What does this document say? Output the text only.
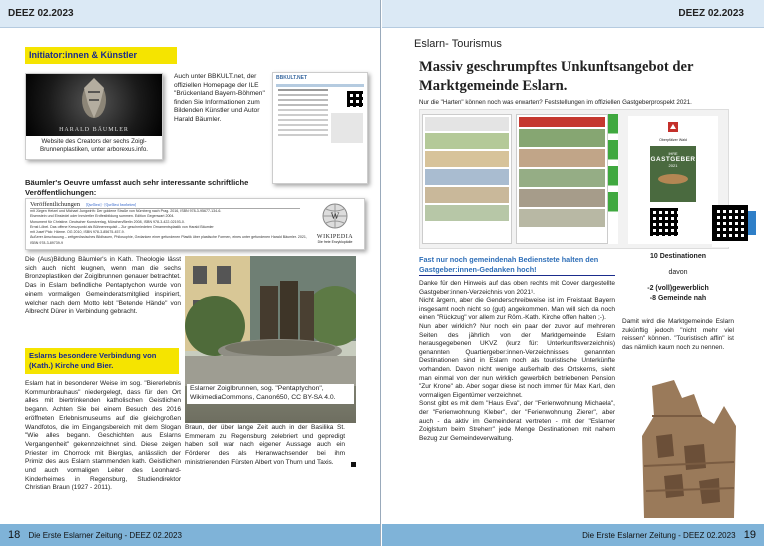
DEEZ 02.2023
Initiator:innen & Künstler
HARALD BÄUMLER
Website des Creators der sechs Zoigl-Brunnenplastiken, unter arborexus.info.
Auch unter BBKULT.net, der offiziellen Homepage der ILE "Brückenland Bayern-Böhmen" finden Sie Informationen zum Bildenden Künstler und Autor Harald Bäumler.
BBKULT.NET
Bäumler's Oeuvre umfasst auch sehr interessante schriftliche Veröffentlichungen:
Veröffentlichungen [Quelltext] · [Quelltext bearbeiten]
mit Jürgen Hetzel und Michael Jungwirth: Der goldene Straße von Nürnberg nach Prag. 2016, ISBN 978-3-95677-134-6.
Eisenstein und Einsiedel oder Innviertler Erdfestbildung summen. Edition Gegenwart 2004.
Monument für Christine. Deutscher Kunstverlag, München/Berlin 2008, ISBN 978-3-422-02193-0.
Ernst Löbel. Das offene Kreuzpunkt als Bühnenrequisit – Zur geschmiedeten Ornamentsplastik von Harald Bäumler
mit Jusef Pick: Härme. OG 2010, ISBN 978-3-85675-457-9.
Äußerer Anschauung – zeitgenössisches Bildhauen, Philosophie, Gedanken einer gefundenen Plastik über plastische Formen, eines unter gefundenen Harald Bäumler. 2021, ISBN 978-3-89739-9
W
WIKIPEDIA
Die freie Enzyklopädie
Die (Aus)Bildung Bäumler's in Kath. Theologie lässt sich auch nicht leugnen, wenn man die sechs Bronzeplastiken der Zoiglbrunnen genauer betrachtet. Das in Eslarn befindliche Pentaptychon wurde von einem vormaligen Gemeinderatsmitglied inspiriert, welcher nach dem Motto lebt "Betende Hände" von Albrecht Dürer in Verbindung gebracht.
Eslarner Zoiglbrunnen, sog. "Pentaptychon", WikimediaCommons, Canon650, CC BY-SA 4.0.
Eslarns besondere Verbindung von (Kath.) Kirche und Bier.
Eslarn hat in besonderer Weise im sog. "Biererlebnis Kommunbrauhaus" niedergelegt, dass für den Ort alles mit biertrinkenden katholischen Geistlichen begann. Achten Sie bei einem Besuch des 2016 eröffneten Erlebnismuseums auf die gleichgroßen Wandfotos, die im Eingangsbereich mit dem Slogan "Wie alles begann. Geschichten aus Eslarns Vergangenheit" gekennzeichnet sind. Diese zeigen Priester im Chorrock mit Bierglas, anlässlich der Primiz des aus Eslarn stammenden kath. Geistlichen und auch vormaligen Leiter des Leonhard-Kinderheimes in Regensburg, Studiendirektor Christian Braun (1927 - 2011).
Braun, der über lange Zeit auch in der Basilika St. Emmeram zu Regensburg zelebriert und gepredigt haben soll war nach eigener Aussage auch ein Förderer des als Heranwachsender bei ihm ministrierenden Fürsten Albert von Thurn und Taxis.
18 Die Erste Eslarner Zeitung - DEEZ 02.2023
DEEZ 02.2023
Eslarn- Tourismus
Massiv geschrumpftes Unkunftsangebot der Marktgemeinde Eslarn.
Nur die "Harten" können noch was erwarten? Feststellungen im offiziellen Gastgeberprospekt 2021.
Oberpfälzer Wald
IHRE
GASTGEBER
2021
Fast nur noch gemeindenah Bedienstete halten den Gastgeber:innen-Gedanken hoch!

Danke für den Hinweis auf das oben rechts mit Cover dargestellte Gastgeber:innen-Verzeichnis von 2021¹.

Nicht ärgern, aber die Genderschreibweise ist im Freistaat Bayern insgesamt noch nicht so (gut) angekommen. Man will sich da noch einen "Rückzug" vor allem zur Röm.-Kath. Kirche offen halten ;-).

Nun aber wirklich? Nur noch ein paar der zuvor auf mehreren Seiten des jährlich von der Marktgemeinde Eslarn herausgegebenen UKVZ (kurz für: Unterkunftsverzeichnis) genannten Quartiergeber:innen-Verzeichnisses genannten Destinationen sind in Eslarn noch als touristische Unterkünfte vorhanden. Davon nicht wenige außerhalb des Ortskerns, sieht man einmal von der nun wirklich gewerblich betriebenen Pension "Zur Krone" ab. Aber sogar diese ist noch immer für Max Karl, den vormaligen Eigentümer verzeichnet.

Sonst gibt es mit dem "Haus Eva", der "Ferienwohnung Michaela", der "Ferienwohnung Kleber", der "Ferienwohnung Zierer", aber auch - da aktiv im Gemeinderat vertreten - mit der "Eslarner Zoiglstum beim Streherr" jede Menge Destinationen mit nahem Bezug zur Gemeindeverwaltung.

10 Destinationen
davon
-2 (voll)gewerblich
-8 Gemeinde nah
Damit wird die Marktgemeinde Eslarn zukünftig jedoch "nicht mehr viel reissen" können. "Touristisch affin" ist das nämlich kaum noch zu nennen.
Die Erste Eslarner Zeitung - DEEZ 02.2023 19
